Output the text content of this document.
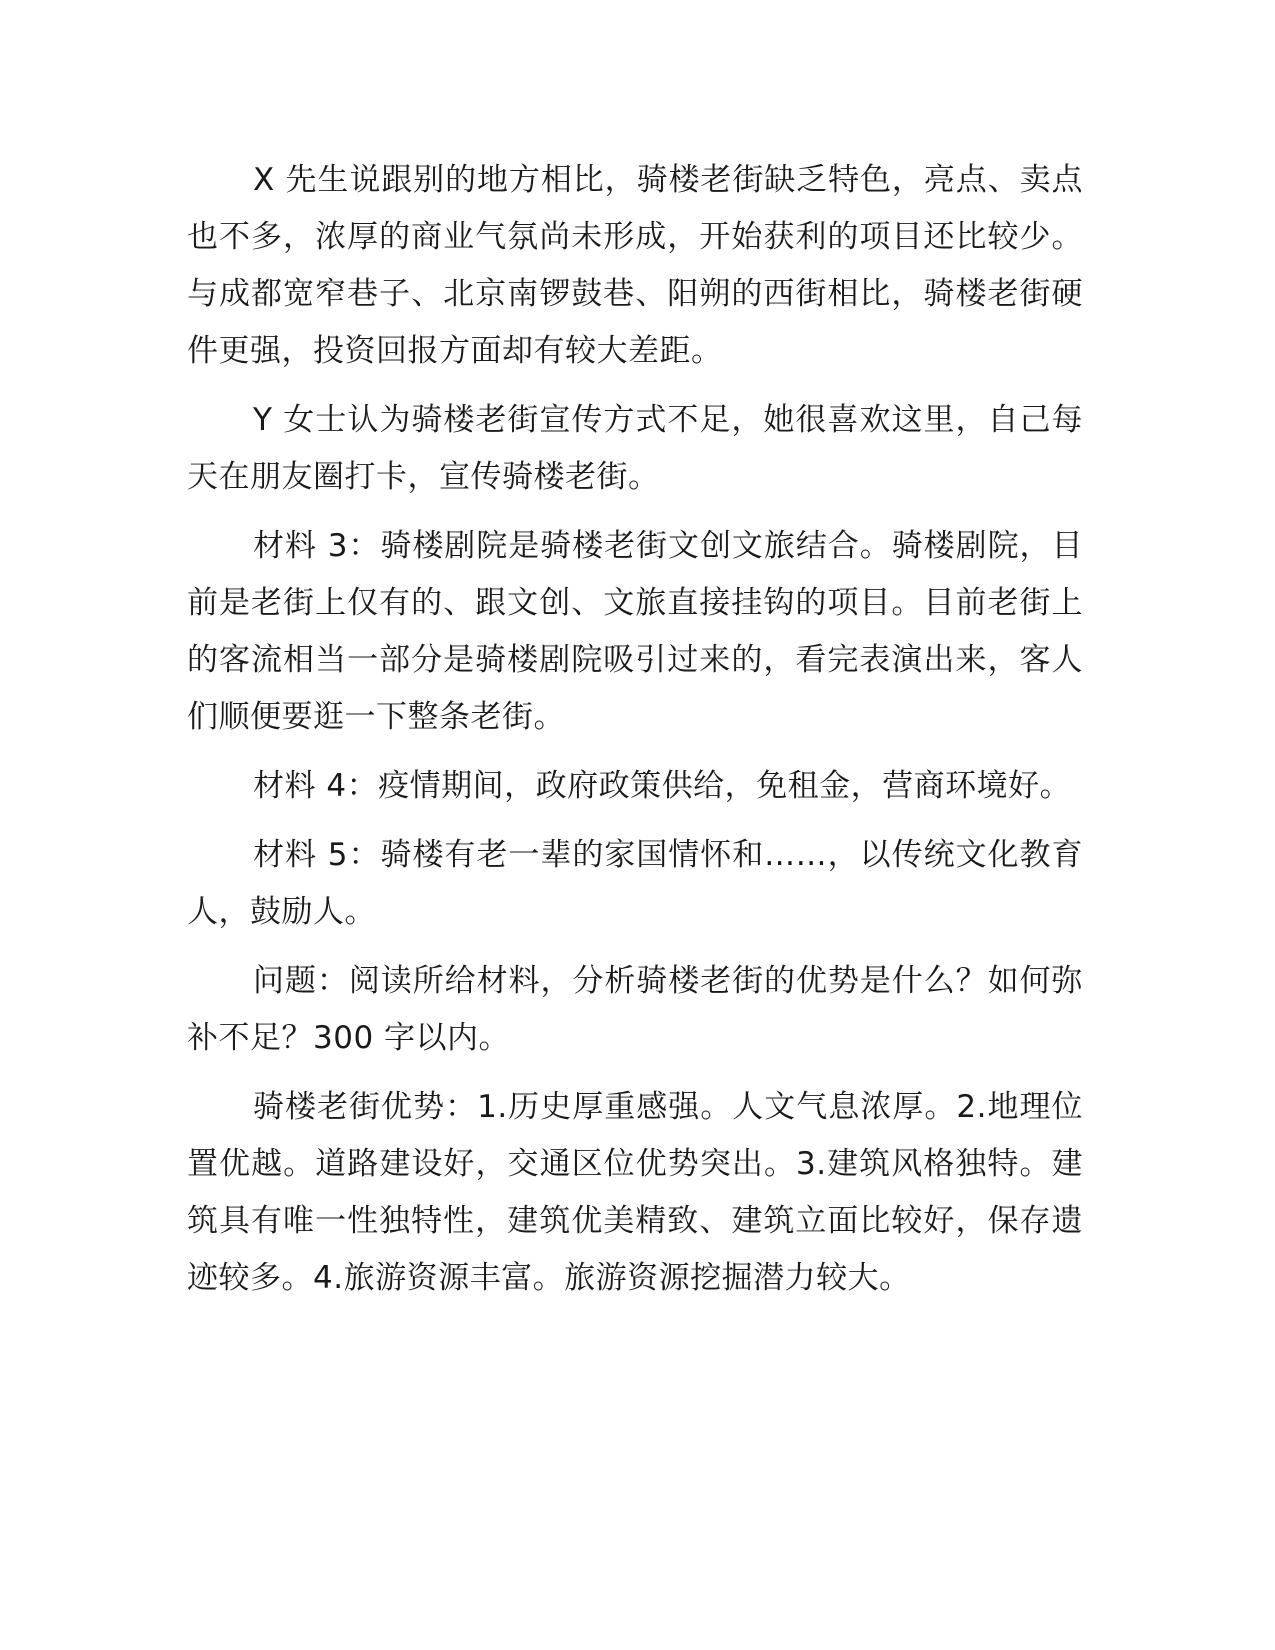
X 先生说跟别的地方相比，骑楼老街缺乏特色，亮点、卖点也不多，浓厚的商业气氛尚未形成，开始获利的项目还比较少。与成都宽窄巷子、北京南锣鼓巷、阳朔的西街相比，骑楼老街硬件更强，投资回报方面却有较大差距。

Y 女士认为骑楼老街宣传方式不足，她很喜欢这里，自己每天在朋友圈打卡，宣传骑楼老街。

材料 3：骑楼剧院是骑楼老街文创文旅结合。骑楼剧院，目前是老街上仅有的、跟文创、文旅直接挂钩的项目。目前老街上的客流相当一部分是骑楼剧院吸引过来的，看完表演出来，客人们顺便要逛一下整条老街。

材料 4：疫情期间，政府政策供给，免租金，营商环境好。

材料 5：骑楼有老一辈的家国情怀和……，以传统文化教育人，鼓励人。

问题：阅读所给材料，分析骑楼老街的优势是什么？如何弥补不足？300 字以内。

骑楼老街优势：1.历史厚重感强。人文气息浓厚。2.地理位置优越。道路建设好，交通区位优势突出。3.建筑风格独特。建筑具有唯一性独特性，建筑优美精致、建筑立面比较好，保存遗迹较多。4.旅游资源丰富。旅游资源挖掘潜力较大。
